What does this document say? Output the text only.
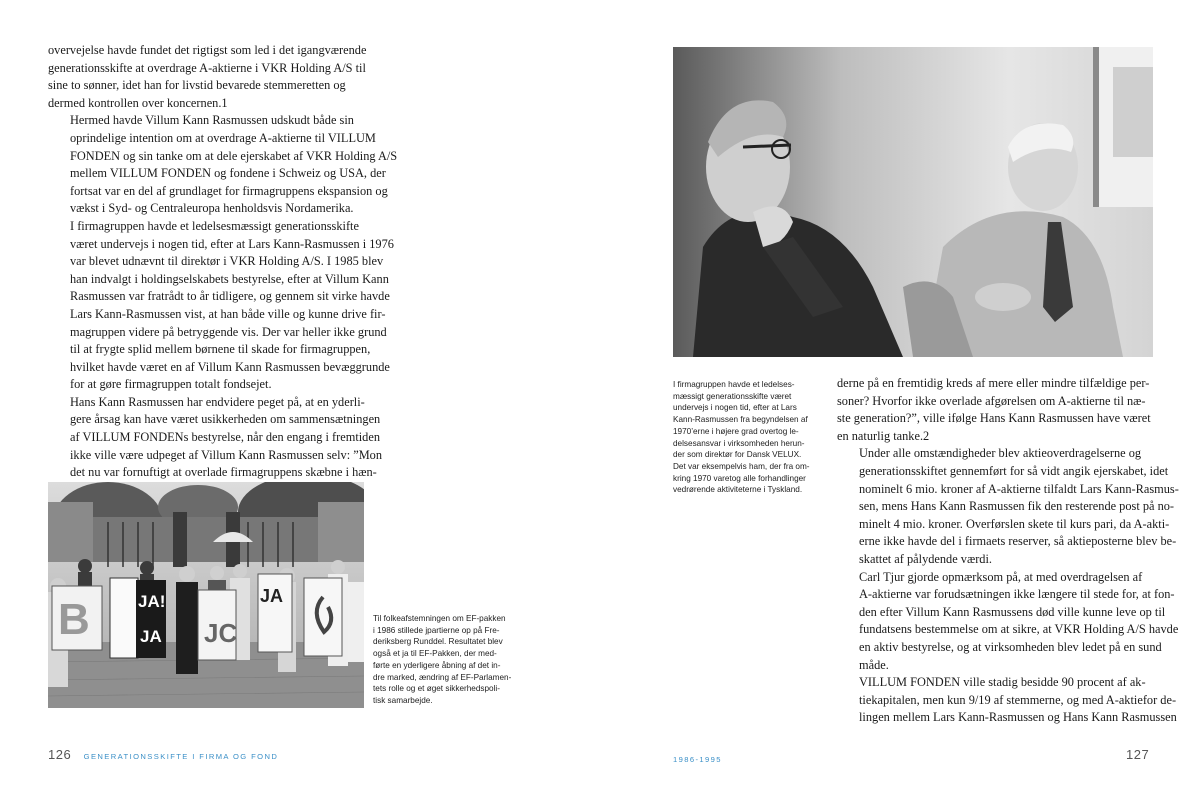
overvejelse havde fundet det rigtigst som led i det igangværende
generationsskifte at overdrage A-aktierne i VKR Holding A/S til
sine to sønner, idet han for livstid bevarede stemmeretten og
dermed kontrollen over koncernen.1

Hermed havde Villum Kann Rasmussen udskudt både sin
oprindelige intention om at overdrage A-aktierne til VILLUM
FONDEN og sin tanke om at dele ejerskabet af VKR Holding A/S
mellem VILLUM FONDEN og fondene i Schweiz og USA, der
fortsat var en del af grundlaget for firmagruppens ekspansion og
vækst i Syd- og Centraleuropa henholdsvis Nordamerika.

I firmagruppen havde et ledelsesmæssigt generationsskifte
været undervejs i nogen tid, efter at Lars Kann-Rasmussen i 1976
var blevet udnævnt til direktør i VKR Holding A/S. I 1985 blev
han indvalgt i holdingselskabets bestyrelse, efter at Villum Kann
Rasmussen var fratrådt to år tidligere, og gennem sit virke havde
Lars Kann-Rasmussen vist, at han både ville og kunne drive fir-
magruppen videre på betryggende vis. Der var heller ikke grund
til at frygte splid mellem børnene til skade for firmagruppen,
hvilket havde været en af Villum Kann Rasmussen bevæggrunde
for at gøre firmagruppen totalt fondsejet.

Hans Kann Rasmussen har endvidere peget på, at en yderli-
gere årsag kan have været usikkerheden om sammensætningen
af VILLUM FONDENs bestyrelse, når den engang i fremtiden
ikke ville være udpeget af Villum Kann Rasmussen selv: ”Mon
det nu var fornuftigt at overlade firmagruppens skæbne i hæn-

B	JA!
JA JC
JA
Til folkeafstemningen om EF-pakken
i 1986 stillede jpartierne op på Fre-
deriksberg Runddel. Resultatet blev
også et ja til EF-Pakken, der med-
førte en yderligere åbning af det in-
dre marked, ændring af EF-Parlamen-
tets rolle og et øget sikkerhedspoli-
tisk samarbejde.
I firmagruppen havde et ledelses-
mæssigt generationsskifte været
undervejs i nogen tid, efter at Lars
Kann-Rasmussen fra begyndelsen af
1970’erne i højere grad overtog le-
delsesansvar i virksomheden herun-
der som direktør for Dansk VELUX.
Det var eksempelvis ham, der fra om-
kring 1970 varetog alle forhandlinger
vedrørende aktiviteterne i Tyskland.

derne på en fremtidig kreds af mere eller mindre tilfældige per-
soner? Hvorfor ikke overlade afgørelsen om A-aktierne til næ-
ste generation?”, ville ifølge Hans Kann Rasmussen have været
en naturlig tanke.2

Under alle omstændigheder blev aktieoverdragelserne og
generationsskiftet gennemført for så vidt angik ejerskabet, idet
nominelt 6 mio. kroner af A-aktierne tilfaldt Lars Kann-Rasmus-
sen, mens Hans Kann Rasmussen fik den resterende post på no-
minelt 4 mio. kroner. Overførslen skete til kurs pari, da A-akti-
erne ikke havde del i firmaets reserver, så aktieposterne blev be-
skattet af pålydende værdi.

Carl Tjur gjorde opmærksom på, at med overdragelsen af
A-aktierne var forudsætningen ikke længere til stede for, at fon-
den efter Villum Kann Rasmussens død ville kunne leve op til
fundatsens bestemmelse om at sikre, at VKR Holding A/S havde
en aktiv bestyrelse, og at virksomheden blev ledet på en sund
måde.

VILLUM FONDEN ville stadig besidde 90 procent af ak-
tiekapitalen, men kun 9/19 af stemmerne, og med A-aktiefor de-
lingen mellem Lars Kann-Rasmussen og Hans Kann Rasmussen

126 GENERATIONSSKIFTE I FIRMA OG FOND	1986-1995	127
